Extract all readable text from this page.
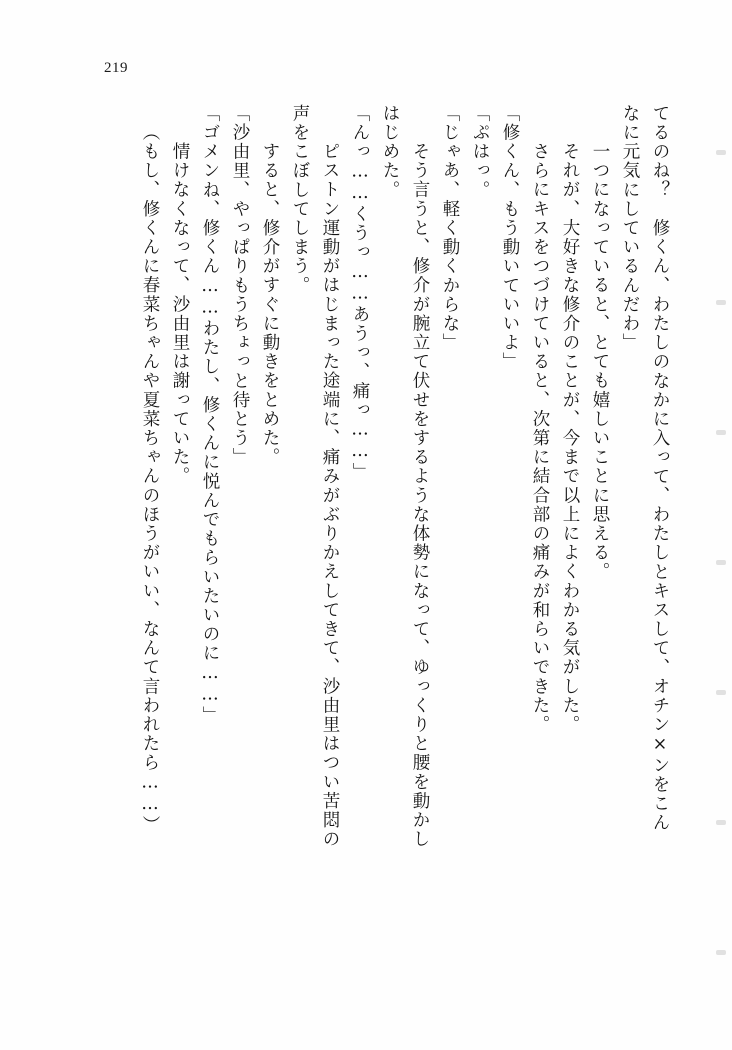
219
てるのね？　修くん、わたしのなかに入って、わたしとキスして、オチン×ンをこん
なに元気にしているんだわ」
　一つになっていると、とても嬉しいことに思える。
　それが、大好きな修介のことが、今まで以上によくわかる気がした。
　さらにキスをつづけていると、次第に結合部の痛みが和らいできた。
「修くん、もう動いていいよ」
「ぷはっ。
「じゃあ、軽く動くからな」
　そう言うと、修介が腕立て伏せをするような体勢になって、ゆっくりと腰を動かし
はじめた。
「んっ……くうっ……あうっ、痛っ……」
　ピストン運動がはじまった途端に、痛みがぶりかえしてきて、沙由里はつい苦悶の
声をこぼしてしまう。
　すると、修介がすぐに動きをとめた。
「沙由里、やっぱりもうちょっと待とう」
「ゴメンね、修くん……わたし、修くんに悦んでもらいたいのに……」
　情けなくなって、沙由里は謝っていた。
（もし、修くんに春菜ちゃんや夏菜ちゃんのほうがいい、なんて言われたら……）
